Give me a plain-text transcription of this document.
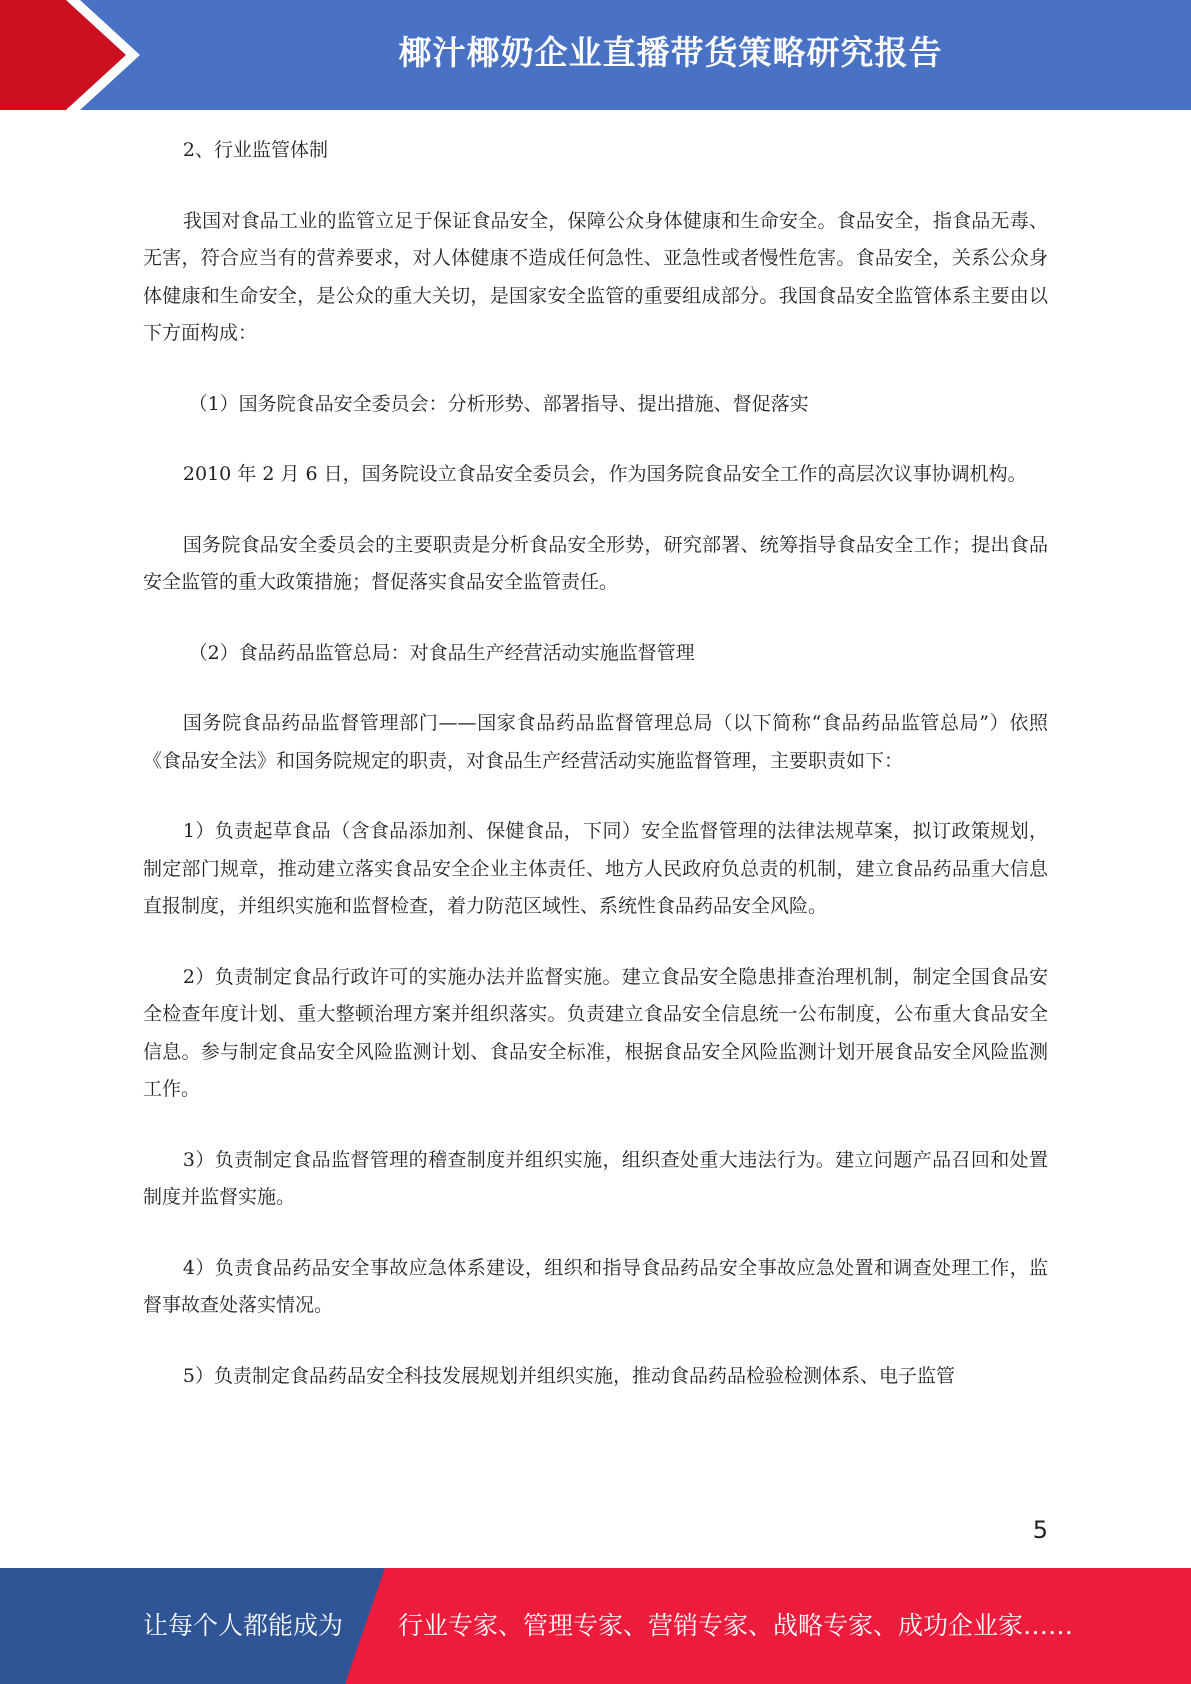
椰汁椰奶企业直播带货策略研究报告

2、行业监管体制

我国对食品工业的监管立足于保证食品安全，保障公众身体健康和生命安全。食品安全，指食品无毒、无害，符合应当有的营养要求，对人体健康不造成任何急性、亚急性或者慢性危害。食品安全，关系公众身体健康和生命安全，是公众的重大关切，是国家安全监管的重要组成部分。我国食品安全监管体系主要由以下方面构成：

（1）国务院食品安全委员会：分析形势、部署指导、提出措施、督促落实

2010 年 2 月 6 日，国务院设立食品安全委员会，作为国务院食品安全工作的高层次议事协调机构。

国务院食品安全委员会的主要职责是分析食品安全形势，研究部署、统筹指导食品安全工作；提出食品安全监管的重大政策措施；督促落实食品安全监管责任。

（2）食品药品监管总局：对食品生产经营活动实施监督管理

国务院食品药品监督管理部门——国家食品药品监督管理总局（以下简称“食品药品监管总局”）依照《食品安全法》和国务院规定的职责，对食品生产经营活动实施监督管理，主要职责如下：

1）负责起草食品（含食品添加剂、保健食品，下同）安全监督管理的法律法规草案，拟订政策规划，制定部门规章，推动建立落实食品安全企业主体责任、地方人民政府负总责的机制，建立食品药品重大信息直报制度，并组织实施和监督检查，着力防范区域性、系统性食品药品安全风险。

2）负责制定食品行政许可的实施办法并监督实施。建立食品安全隐患排查治理机制，制定全国食品安全检查年度计划、重大整顿治理方案并组织落实。负责建立食品安全信息统一公布制度，公布重大食品安全信息。参与制定食品安全风险监测计划、食品安全标准，根据食品安全风险监测计划开展食品安全风险监测工作。

3）负责制定食品监督管理的稽查制度并组织实施，组织查处重大违法行为。建立问题产品召回和处置制度并监督实施。

4）负责食品药品安全事故应急体系建设，组织和指导食品药品安全事故应急处置和调查处理工作，监督事故查处落实情况。

5）负责制定食品药品安全科技发展规划并组织实施，推动食品药品检验检测体系、电子监管

5
让每个人都能成为 行业专家、管理专家、营销专家、战略专家、成功企业家……
